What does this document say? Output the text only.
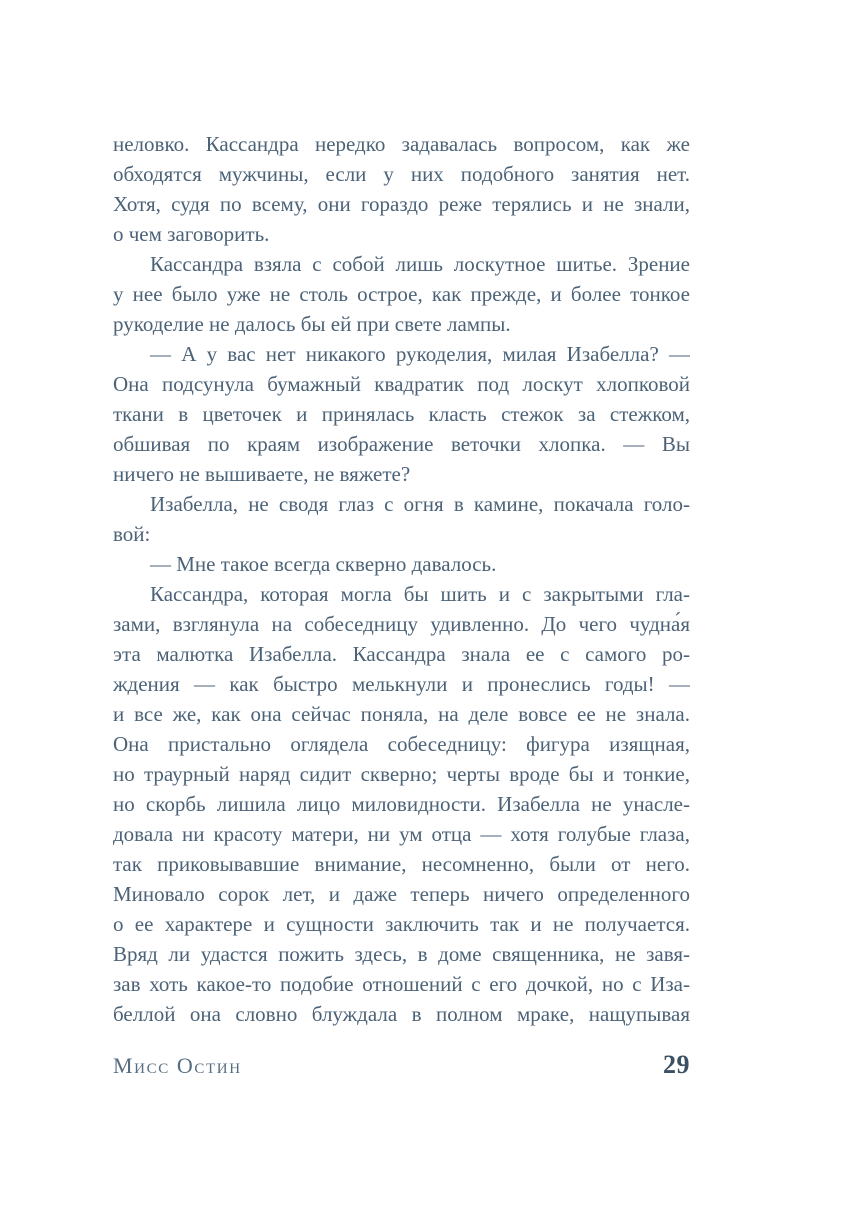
неловко. Кассандра нередко задавалась вопросом, как же
обходятся мужчины, если у них подобного занятия нет.
Хотя, судя по всему, они гораздо реже терялись и не знали,
о чем заговорить.
Кассандра взяла с собой лишь лоскутное шитье. Зрение
у нее было уже не столь острое, как прежде, и более тонкое
рукоделие не далось бы ей при свете лампы.
— А у вас нет никакого рукоделия, милая Изабелла? —
Она подсунула бумажный квадратик под лоскут хлопковой
ткани в цветочек и принялась класть стежок за стежком,
обшивая по краям изображение веточки хлопка. — Вы
ничего не вышиваете, не вяжете?
Изабелла, не сводя глаз с огня в камине, покачала голо-
вой:
— Мне такое всегда скверно давалось.
Кассандра, которая могла бы шить и с закрытыми гла-
зами, взглянула на собеседницу удивленно. До чего чудна́я
эта малютка Изабелла. Кассандра знала ее с самого ро-
ждения — как быстро мелькнули и пронеслись годы! —
и все же, как она сейчас поняла, на деле вовсе ее не знала.
Она пристально оглядела собеседницу: фигура изящная,
но траурный наряд сидит скверно; черты вроде бы и тонкие,
но скорбь лишила лицо миловидности. Изабелла не унасле-
довала ни красоту матери, ни ум отца — хотя голубые глаза,
так приковывавшие внимание, несомненно, были от него.
Миновало сорок лет, и даже теперь ничего определенного
о ее характере и сущности заключить так и не получается.
Вряд ли удастся пожить здесь, в доме священника, не завя-
зав хоть какое-то подобие отношений с его дочкой, но с Иза-
беллой она словно блуждала в полном мраке, нащупывая
Мисс Остин	29
